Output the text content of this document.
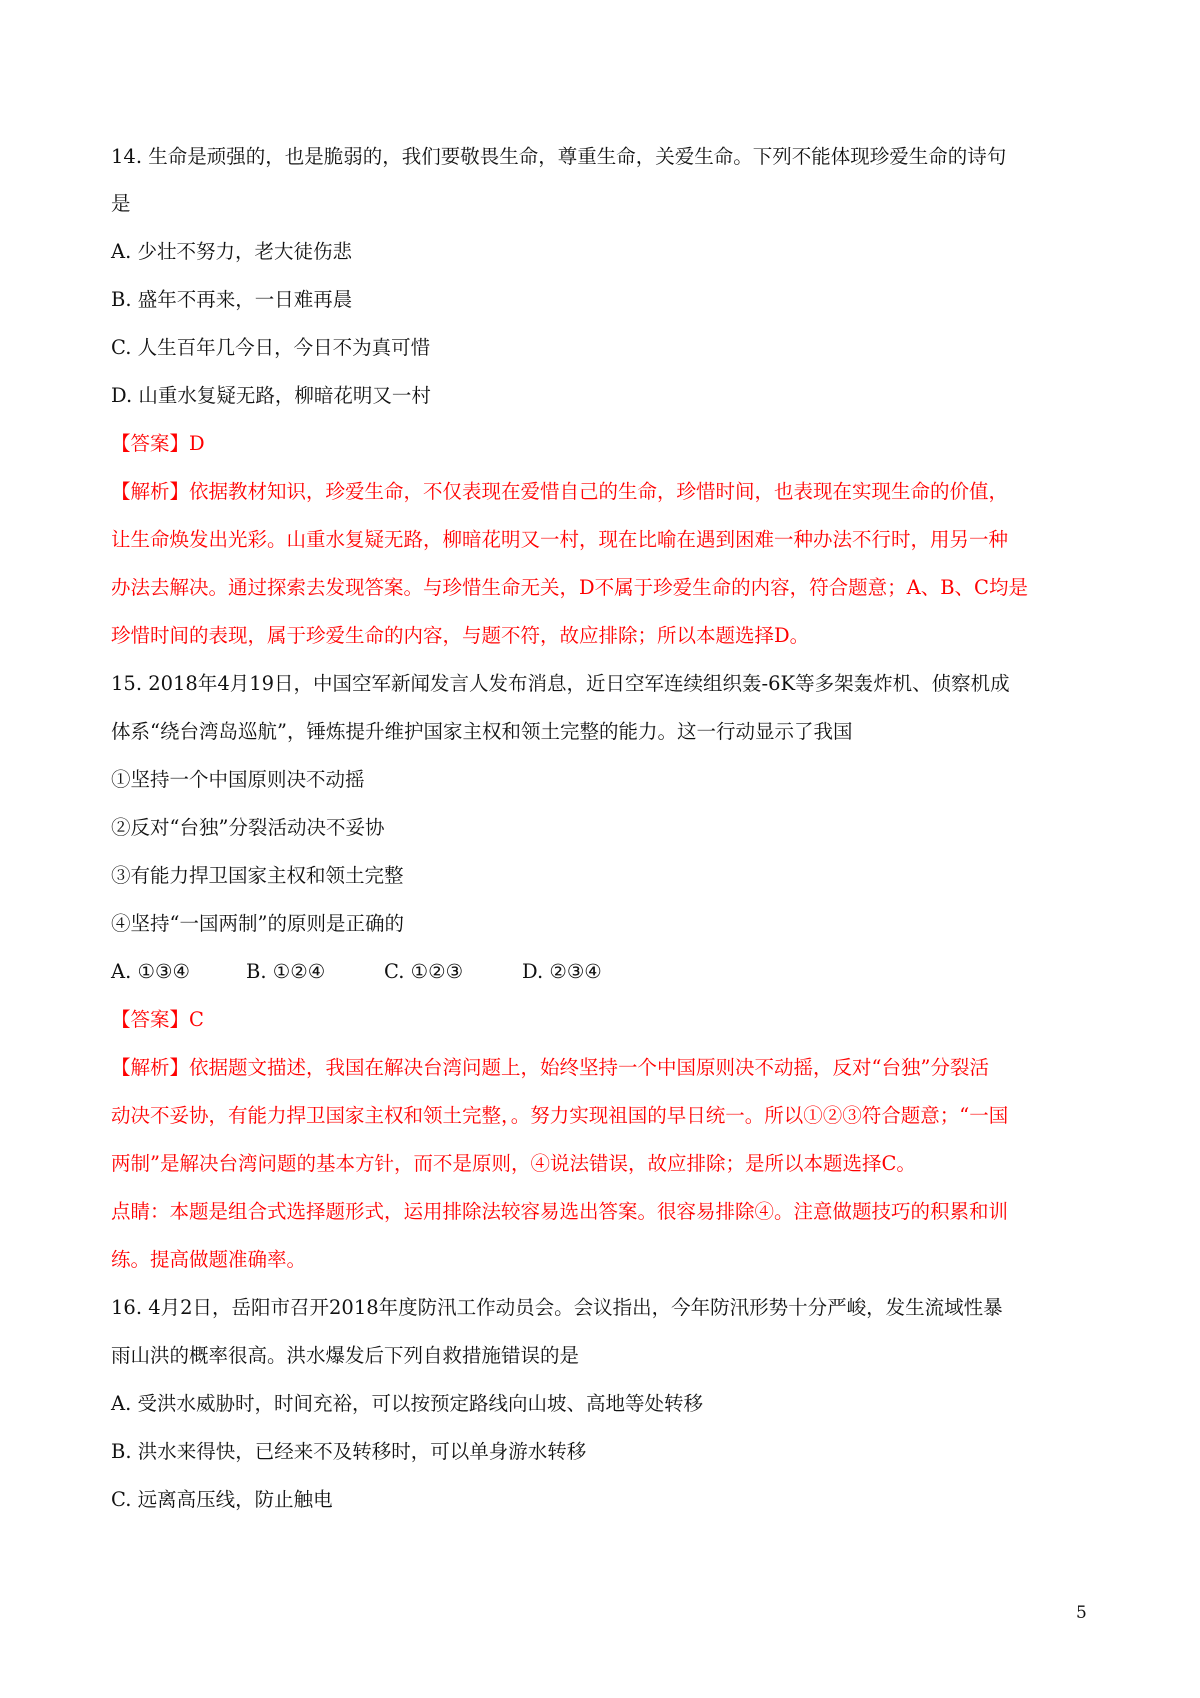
14. 生命是顽强的，也是脆弱的，我们要敬畏生命，尊重生命，关爱生命。下列不能体现珍爱生命的诗句
是
A. 少壮不努力，老大徒伤悲
B. 盛年不再来，一日难再晨
C. 人生百年几今日，今日不为真可惜
D. 山重水复疑无路，柳暗花明又一村
【答案】D
【解析】依据教材知识，珍爱生命，不仅表现在爱惜自己的生命，珍惜时间，也表现在实现生命的价值，
让生命焕发出光彩。山重水复疑无路，柳暗花明又一村，现在比喻在遇到困难一种办法不行时，用另一种
办法去解决。通过探索去发现答案。与珍惜生命无关，D不属于珍爱生命的内容，符合题意；A、B、C均是
珍惜时间的表现，属于珍爱生命的内容，与题不符，故应排除；所以本题选择D。
15. 2018年4月19日，中国空军新闻发言人发布消息，近日空军连续组织轰-6K等多架轰炸机、侦察机成
体系“绕台湾岛巡航”，锤炼提升维护国家主权和领土完整的能力。这一行动显示了我国
①坚持一个中国原则决不动摇
②反对“台独”分裂活动决不妥协
③有能力捍卫国家主权和领土完整
④坚持“一国两制”的原则是正确的
A. ①③④	B. ①②④	C. ①②③	D. ②③④
【答案】C
【解析】依据题文描述，我国在解决台湾问题上，始终坚持一个中国原则决不动摇，反对“台独”分裂活
动决不妥协，有能力捍卫国家主权和领土完整，。努力实现祖国的早日统一。所以①②③符合题意；“一国
两制”是解决台湾问题的基本方针，而不是原则，④说法错误，故应排除；是所以本题选择C。
点睛：本题是组合式选择题形式，运用排除法较容易选出答案。很容易排除④。注意做题技巧的积累和训
练。提高做题准确率。
16. 4月2日，岳阳市召开2018年度防汛工作动员会。会议指出，今年防汛形势十分严峻，发生流域性暴
雨山洪的概率很高。洪水爆发后下列自救措施错误的是
A. 受洪水威胁时，时间充裕，可以按预定路线向山坡、高地等处转移
B. 洪水来得快，已经来不及转移时，可以单身游水转移
C. 远离高压线，防止触电
5
